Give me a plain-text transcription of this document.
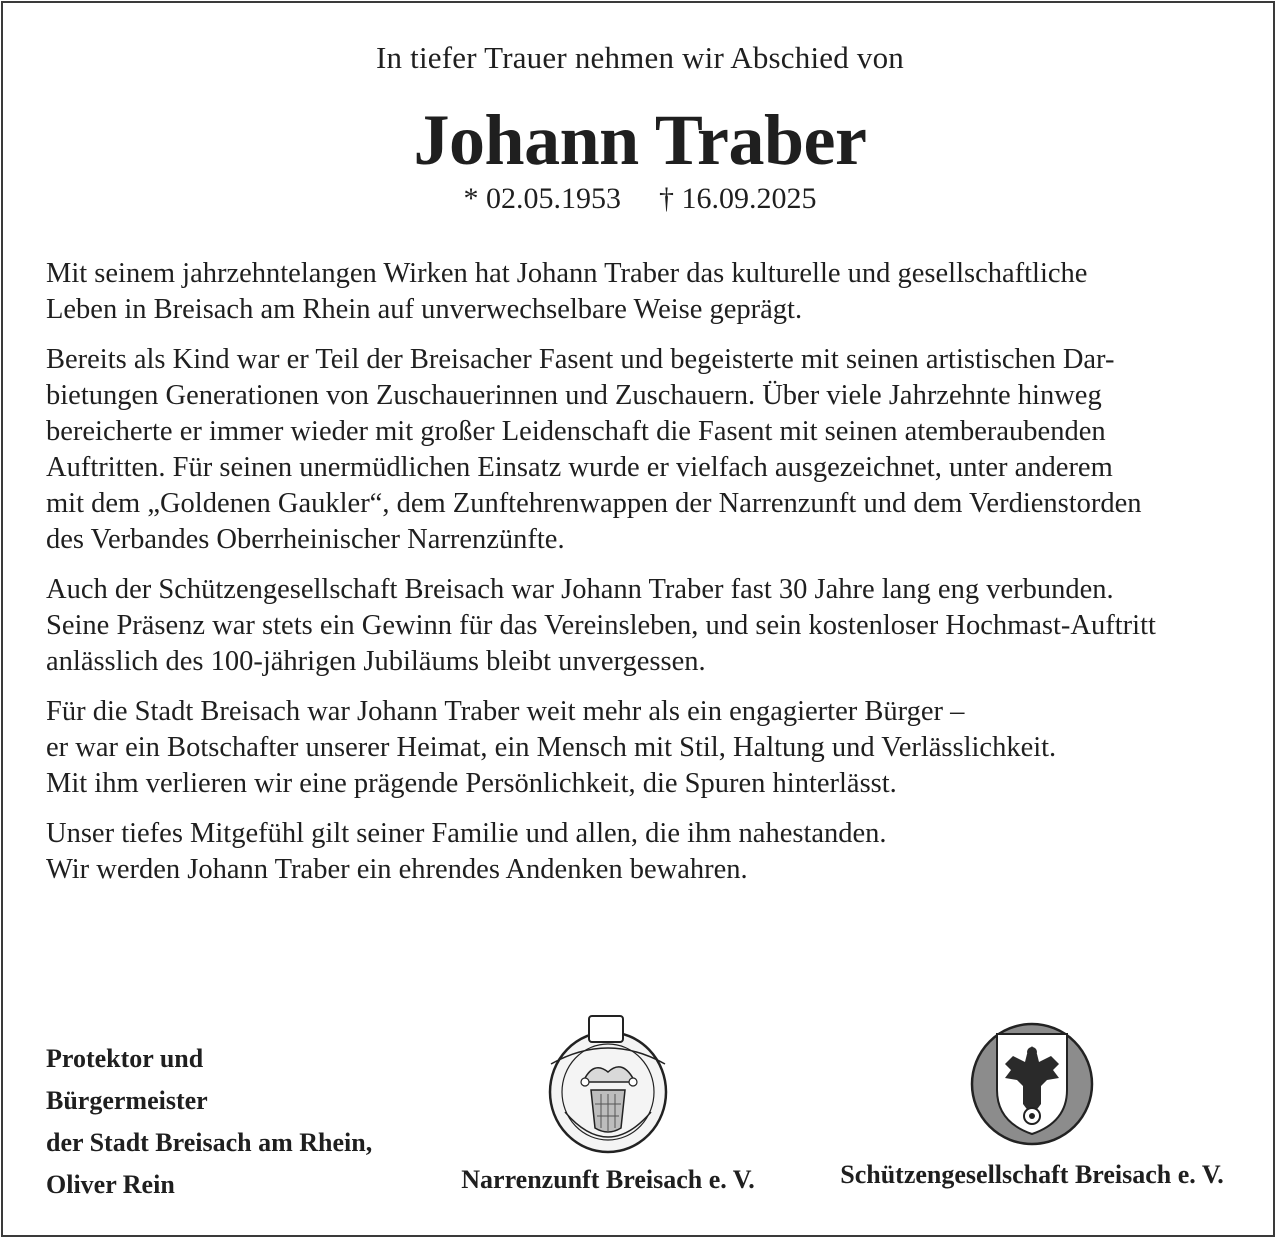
In tiefer Trauer nehmen wir Abschied von
Johann Traber
* 02.05.1953 † 16.09.2025

Mit seinem jahrzehntelangen Wirken hat Johann Traber das kulturelle und gesellschaftliche
Leben in Breisach am Rhein auf unverwechselbare Weise geprägt.

Bereits als Kind war er Teil der Breisacher Fasent und begeisterte mit seinen artistischen Dar-
bietungen Generationen von Zuschauerinnen und Zuschauern. Über viele Jahrzehnte hinweg
bereicherte er immer wieder mit großer Leidenschaft die Fasent mit seinen atemberaubenden
Auftritten. Für seinen unermüdlichen Einsatz wurde er vielfach ausgezeichnet, unter anderem
mit dem „Goldenen Gaukler“, dem Zunftehrenwappen der Narrenzunft und dem Verdienstorden
des Verbandes Oberrheinischer Narrenzünfte.

Auch der Schützengesellschaft Breisach war Johann Traber fast 30 Jahre lang eng verbunden.
Seine Präsenz war stets ein Gewinn für das Vereinsleben, und sein kostenloser Hochmast-Auftritt
anlässlich des 100-jährigen Jubiläums bleibt unvergessen.

Für die Stadt Breisach war Johann Traber weit mehr als ein engagierter Bürger –
er war ein Botschafter unserer Heimat, ein Mensch mit Stil, Haltung und Verlässlichkeit.
Mit ihm verlieren wir eine prägende Persönlichkeit, die Spuren hinterlässt.

Unser tiefes Mitgefühl gilt seiner Familie und allen, die ihm nahestanden.
Wir werden Johann Traber ein ehrendes Andenken bewahren.

Protektor und
Bürgermeister
der Stadt Breisach am Rhein,
Oliver Rein	Narrenzunft Breisach e. V.	Schützengesellschaft Breisach e. V.
